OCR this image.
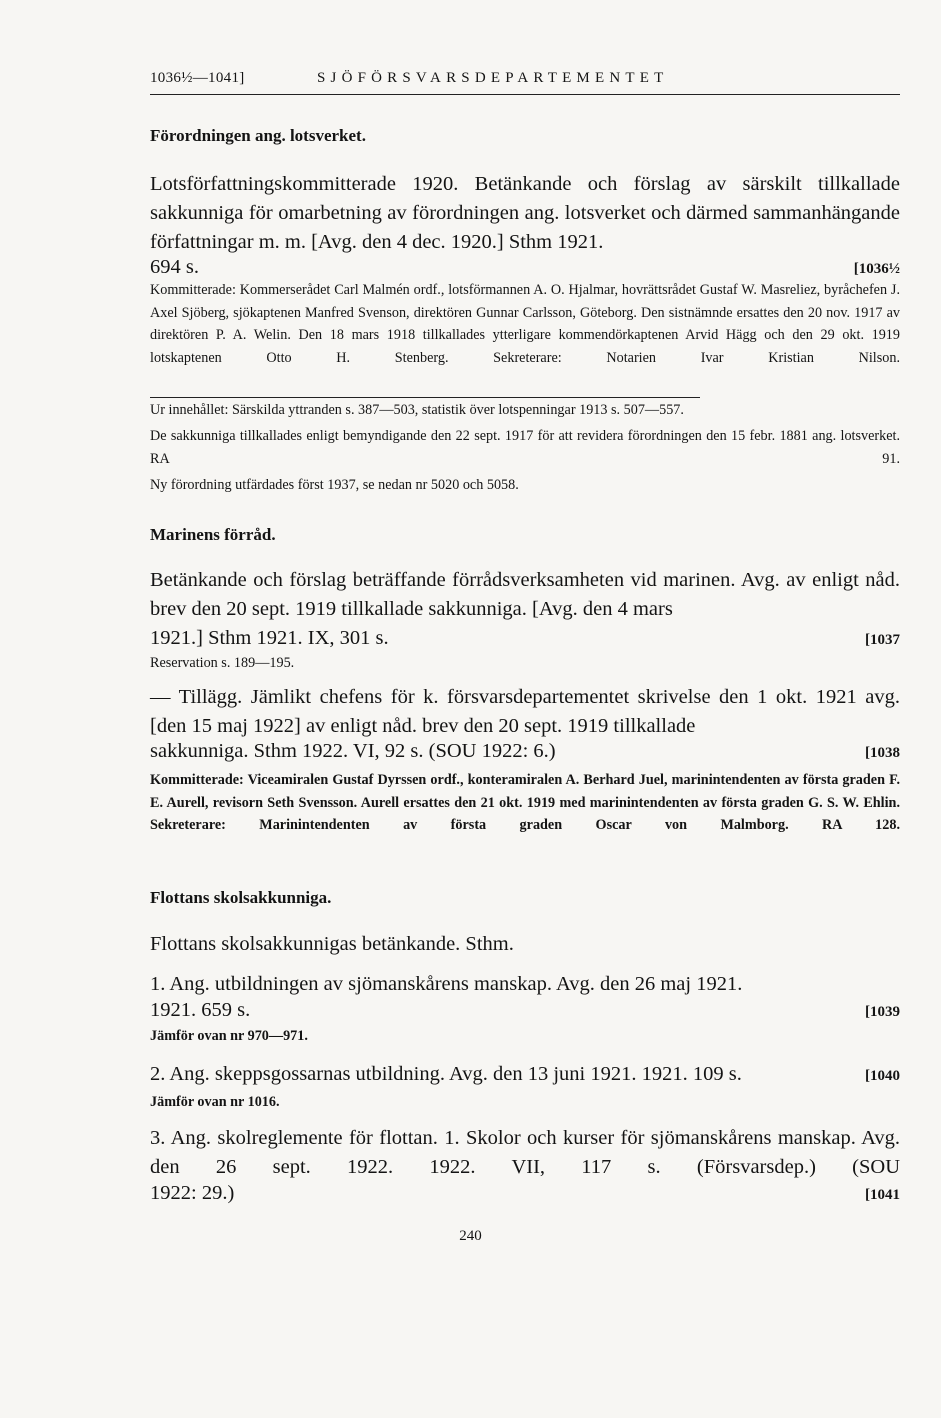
1036½—1041]	SJÖFÖRSVARSDEPARTEMENTET
Förordningen ang. lotsverket.

Lotsförfattningskommitterade 1920. Betänkande och förslag av särskilt tillkallade sakkunniga för omarbetning av förordningen ang. lotsverket och därmed sammanhängande författningar m. m. [Avg. den 4 dec. 1920.] Sthm 1921.

694 s.	[1036½

Kommitterade: Kommerserådet Carl Malmén ordf., lotsförmannen A. O. Hjalmar, hovrättsrådet Gustaf W. Masreliez, byråchefen J. Axel Sjöberg, sjökaptenen Manfred Svenson, direktören Gunnar Carlsson, Göteborg. Den sistnämnde ersattes den 20 nov. 1917 av direktören P. A. Welin. Den 18 mars 1918 tillkallades ytterligare kommendörkaptenen Arvid Hägg och den 29 okt. 1919 lotskaptenen Otto H. Stenberg. Sekreterare: Notarien Ivar Kristian Nilson.

Ur innehållet: Särskilda yttranden s. 387—503, statistik över lotspenningar 1913 s. 507—557.

De sakkunniga tillkallades enligt bemyndigande den 22 sept. 1917 för att revidera förordningen den 15 febr. 1881 ang. lotsverket. RA 91.

Ny förordning utfärdades först 1937, se nedan nr 5020 och 5058.

Marinens förråd.

Betänkande och förslag beträffande förrådsverksamheten vid marinen. Avg. av enligt nåd. brev den 20 sept. 1919 tillkallade sakkunniga. [Avg. den 4 mars

1921.] Sthm 1921. IX, 301 s.	[1037

Reservation s. 189—195.

— Tillägg. Jämlikt chefens för k. försvarsdepartementet skrivelse den 1 okt. 1921 avg. [den 15 maj 1922] av enligt nåd. brev den 20 sept. 1919 tillkallade

sakkunniga. Sthm 1922. VI, 92 s. (SOU 1922: 6.)	[1038

Kommitterade: Viceamiralen Gustaf Dyrssen ordf., konteramiralen A. Berhard Juel, marinintendenten av första graden F. E. Aurell, revisorn Seth Svensson. Aurell ersattes den 21 okt. 1919 med marinintendenten av första graden G. S. W. Ehlin. Sekreterare: Marinintendenten av första graden Oscar von Malmborg. RA 128.

Flottans skolsakkunniga.

Flottans skolsakkunnigas betänkande. Sthm.

1. Ang. utbildningen av sjömanskårens manskap. Avg. den 26 maj 1921.

1921. 659 s.	[1039

Jämför ovan nr 970—971.

2. Ang. skeppsgossarnas utbildning. Avg. den 13 juni 1921. 1921. 109 s.	[1040

Jämför ovan nr 1016.

3. Ang. skolreglemente för flottan. 1. Skolor och kurser för sjömanskårens manskap. Avg. den 26 sept. 1922. 1922. VII, 117 s. (Försvarsdep.) (SOU

1922: 29.)	[1041
240
